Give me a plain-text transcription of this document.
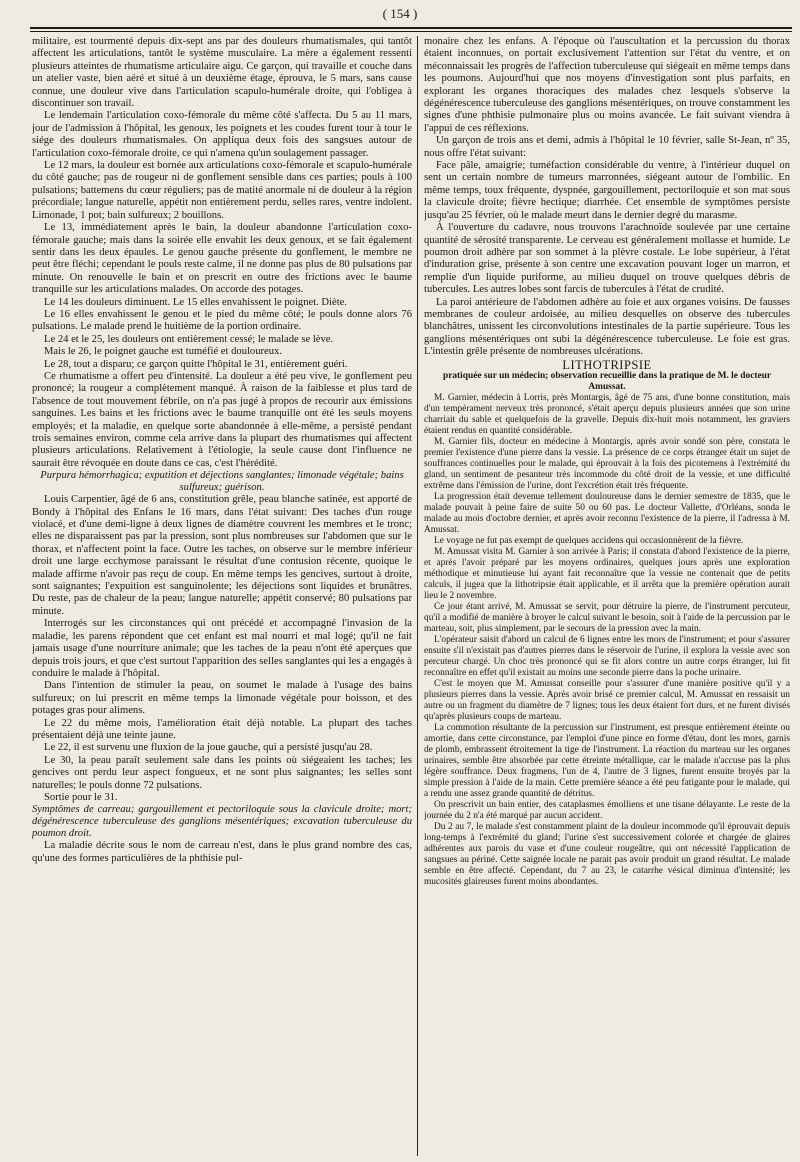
( 154 )

militaire, est tourmenté depuis dix-sept ans par des douleurs rhumatismales, qui tantôt affectent les articulations, tantôt le système musculaire. La mère a également ressenti plusieurs atteintes de rhumatisme articulaire aigu. Ce garçon, qui travaille et couche dans un atelier vaste, bien aéré et situé à un deuxième étage, éprouva, le 5 mars, sans cause connue, une douleur vive dans l'articulation scapulo-humérale droite, qui l'obligea à discontinuer son travail.

Le lendemain l'articulation coxo-fémorale du même côté s'affecta. Du 5 au 11 mars, jour de l'admission à l'hôpital, les genoux, les poignets et les coudes furent tour à tour le siége des douleurs rhumatismales. On appliqua deux fois des sangsues autour de l'articulation coxo-fémorale droite, ce qui n'amena qu'un soulagement passager.

Le 12 mars, la douleur est bornée aux articulations coxo-fémorale et scapulo-humérale du côté gauche; pas de rougeur ni de gonflement sensible dans ces parties; pouls à 100 pulsations; battemens du cœur réguliers; pas de matité anormale ni de douleur à la région précordiale; langue naturelle, appétit non entièrement perdu, selles rares, ventre indolent. Limonade, 1 pot; bain sulfureux; 2 bouillons.

Le 13, immédiatement après le bain, la douleur abandonne l'articulation coxo-fémorale gauche; mais dans la soirée elle envahit les deux genoux, et se fait également sentir dans les deux épaules. Le genou gauche présente du gonflement, le membre ne peut être fléchi; cependant le pouls reste calme, il ne donne pas plus de 80 pulsations par minute. On renouvelle le bain et on prescrit en outre des frictions avec le baume tranquille sur les articulations malades. On accorde des potages.

Le 14 les douleurs diminuent. Le 15 elles envahissent le poignet. Diète.

Le 16 elles envahissent le genou et le pied du même côté; le pouls donne alors 76 pulsations. Le malade prend le huitième de la portion ordinaire.

Le 24 et le 25, les douleurs ont entièrement cessé; le malade se lève.

Mais le 26, le poignet gauche est tuméfié et douloureux.

Le 28, tout a disparu; ce garçon quitte l'hôpital le 31, entièrement guéri.

Ce rhumatisme a offert peu d'intensité. La douleur a été peu vive, le gonflement peu prononcé; la rougeur a complètement manqué. À raison de la faiblesse et plus tard de l'absence de tout mouvement fébrile, on n'a pas jugé à propos de recourir aux émissions sanguines. Les bains et les frictions avec le baume tranquille ont été les seuls moyens employés; et la maladie, en quelque sorte abandonnée à elle-même, a persisté pendant trois semaines environ, comme cela arrive dans la plupart des rhumatismes qui affectent plusieurs articulations. Relativement à l'étiologie, la seule cause dont l'influence ne saurait être révoquée en doute dans ce cas, c'est l'hérédité.

Purpura hémorrhagica; exputition et déjections sanglantes; limonade végétale; bains sulfureux; guérison.

Louis Carpentier, âgé de 6 ans, constitution grêle, peau blanche satinée, est apporté de Bondy à l'hôpital des Enfans le 16 mars, dans l'état suivant: Des taches d'un rouge violacé, et d'une demi-ligne à deux lignes de diamètre couvrent les membres et le tronc; elles ne disparaissent pas par la pression, sont plus nombreuses sur l'abdomen que sur le thorax, et n'affectent point la face. Outre les taches, on observe sur le membre inférieur droit une large ecchymose paraissant le résultat d'une contusion récente, quoique le malade affirme n'avoir pas reçu de coup. En même temps les gencives, surtout à droite, sont saignantes; l'expuition est sanguinolente; les déjections sont liquides et brunâtres. Du reste, pas de chaleur de la peau; langue naturelle; appétit conservé; 80 pulsations par minute.

Interrogés sur les circonstances qui ont précédé et accompagné l'invasion de la maladie, les parens répondent que cet enfant est mal nourri et mal logé; qu'il ne fait jamais usage d'une nourriture animale; que les taches de la peau n'ont été aperçues que depuis trois jours, et que c'est surtout l'apparition des selles sanglantes qui les a engagés à conduire le malade à l'hôpital.

Dans l'intention de stimuler la peau, on soumet le malade à l'usage des bains sulfureux; on lui prescrit en même temps la limonade végétale pour boisson, et des potages gras pour alimens.

Le 22 du même mois, l'amélioration était déjà notable. La plupart des taches présentaient déjà une teinte jaune.

Le 22, il est survenu une fluxion de la joue gauche, qui a persisté jusqu'au 28.

Le 30, la peau paraît seulement sale dans les points où siégeaient les taches; les gencives ont perdu leur aspect fongueux, et ne sont plus saignantes; les selles sont naturelles; le pouls donne 72 pulsations.

Sortie pour le 31.

Symptômes de carreau; gargouillement et pectoriloquie sous la clavicule droite; mort; dégénérescence tuberculeuse des ganglions mésentériques; excavation tuberculeuse du poumon droit.

La maladie décrite sous le nom de carreau n'est, dans le plus grand nombre des cas, qu'une des formes particulières de la phthisie pul-

monaire chez les enfans. À l'époque où l'auscultation et la percussion du thorax étaient inconnues, on portait exclusivement l'attention sur l'état du ventre, et on méconnaissait les progrès de l'affection tuberculeuse qui siégeait en même temps dans les poumons. Aujourd'hui que nos moyens d'investigation sont plus parfaits, en explorant les organes thoraciques des malades chez lesquels s'observe la dégénérescence tuberculeuse des ganglions mésentériques, on trouve constamment les signes d'une phthisie pulmonaire plus ou moins avancée. Le fait suivant viendra à l'appui de ces réflexions.

Un garçon de trois ans et demi, admis à l'hôpital le 10 février, salle St-Jean, nº 35, nous offre l'état suivant:

Face pâle, amaigrie; tuméfaction considérable du ventre, à l'intérieur duquel on sent un certain nombre de tumeurs marronnées, siégeant autour de l'ombilic. En même temps, toux fréquente, dyspnée, gargouillement, pectoriloquie et son mat sous la clavicule droite; fièvre hectique; diarrhée. Cet ensemble de symptômes persiste jusqu'au 25 février, où le malade meurt dans le dernier degré du marasme.

À l'ouverture du cadavre, nous trouvons l'arachnoïde soulevée par une certaine quantité de sérosité transparente. Le cerveau est généralement mollasse et humide. Le poumon droit adhère par son sommet à la plèvre costale. Le lobe supérieur, à l'état d'induration grise, présente à son centre une excavation pouvant loger un marron, et remplie d'un liquide puriforme, au milieu duquel on trouve quelques débris de tubercules. Les autres lobes sont farcis de tubercules à l'état de crudité.

La paroi antérieure de l'abdomen adhère au foie et aux organes voisins. De fausses membranes de couleur ardoisée, au milieu desquelles on observe des tubercules blanchâtres, unissent les circonvolutions intestinales de la partie supérieure. Tous les ganglions mésentériques ont subi la dégénérescence tuberculeuse. Le foie est gras. L'intestin grêle présente de nombreuses ulcérations.

LITHOTRIPSIE

pratiquée sur un médecin; observation recueillie dans la pratique de M. le docteur Amussat.

M. Garnier, médecin à Lorris, près Montargis, âgé de 75 ans, d'une bonne constitution, mais d'un tempérament nerveux très prononcé, s'était aperçu depuis plusieurs années que son urine charriait du sable et quelquefois de la gravelle. Depuis dix-huit mois notamment, les graviers étaient rendus en quantité considérable.

M. Garnier fils, docteur en médecine à Montargis, après avoir sondé son père, constata le premier l'existence d'une pierre dans la vessie. La présence de ce corps étranger était un sujet de souffrances continuelles pour le malade, qui éprouvait à la fois des picotemens à l'extrémité du gland, un sentiment de pesanteur très incommode du côté droit de la vessie, et une difficulté extrême dans l'émission de l'urine, dont l'excrétion était très fréquente.

La progression était devenue tellement douloureuse dans le dernier semestre de 1835, que le malade pouvait à peine faire de suite 50 ou 60 pas. Le docteur Vallette, d'Orléans, sonda le malade au mois d'octobre dernier, et après avoir reconnu l'existence de la pierre, il l'adressa à M. Amussat.

Le voyage ne fut pas exempt de quelques accidens qui occasionnèrent de la fièvre.

M. Amussat visita M. Garnier à son arrivée à Paris; il constata d'abord l'existence de la pierre, et après l'avoir préparé par les moyens ordinaires, quelques jours après une exploration méthodique et minutieuse lui ayant fait reconnaître que la vessie ne contenait que de petits calculs, il jugea que la lithotripsie était applicable, et il arrêta que la première opération aurait lieu le 2 novembre.

Ce jour étant arrivé, M. Amussat se servit, pour détruire la pierre, de l'instrument percuteur, qu'il a modifié de manière à broyer le calcul suivant le besoin, soit à l'aide de la percussion par le marteau, soit, plus simplement, par le secours de la pression avec la main.

L'opérateur saisit d'abord un calcul de 6 lignes entre les mors de l'instrument; et pour s'assurer ensuite s'il n'existait pas d'autres pierres dans le réservoir de l'urine, il explora la vessie avec son percuteur chargé. Un choc très prononcé qui se fit alors contre un autre corps étranger, lui fit reconnaître en effet qu'il existait au moins une seconde pierre dans la poche urinaire.

C'est le moyen que M. Amussat conseille pour s'assurer d'une manière positive qu'il y a plusieurs pierres dans la vessie. Après avoir brisé ce premier calcul, M. Amussat en ressaisit un autre ou un fragment du diamètre de 7 lignes; tous les deux étaient fort durs, et ne furent divisés qu'après plusieurs coups de marteau.

La commotion résultante de la percussion sur l'instrument, est presque entièrement éteinte ou amortie, dans cette circonstance, par l'emploi d'une pince en forme d'étau, dont les mors, garnis de plomb, embrassent étroitement la tige de l'instrument. La réaction du marteau sur les organes urinaires, semble être absorbée par cette étreinte métallique, car le malade n'accuse pas la plus légère souffrance. Deux fragmens, l'un de 4, l'autre de 3 lignes, furent ensuite broyés par la simple pression à l'aide de la main. Cette première séance a été peu fatigante pour le malade, qui a rendu une assez grande quantité de détritus.

On prescrivit un bain entier, des cataplasmes émolliens et une tisane délayante. Le reste de la journée du 2 n'a été marqué par aucun accident.

Du 2 au 7, le malade s'est constamment plaint de la douleur incommode qu'il éprouvait depuis long-temps à l'extrémité du gland; l'urine s'est successivement colorée et chargée de glaires adhérentes aux parois du vase et d'une couleur rougeâtre, qui ont nécessité l'application de sangsues au périné. Cette saignée locale ne parait pas avoir produit un grand résultat. Le malade semble en être affecté. Cependant, du 7 au 23, le catarrhe vésical diminua d'intensité; les mucosités glaireuses furent moins abondantes.
